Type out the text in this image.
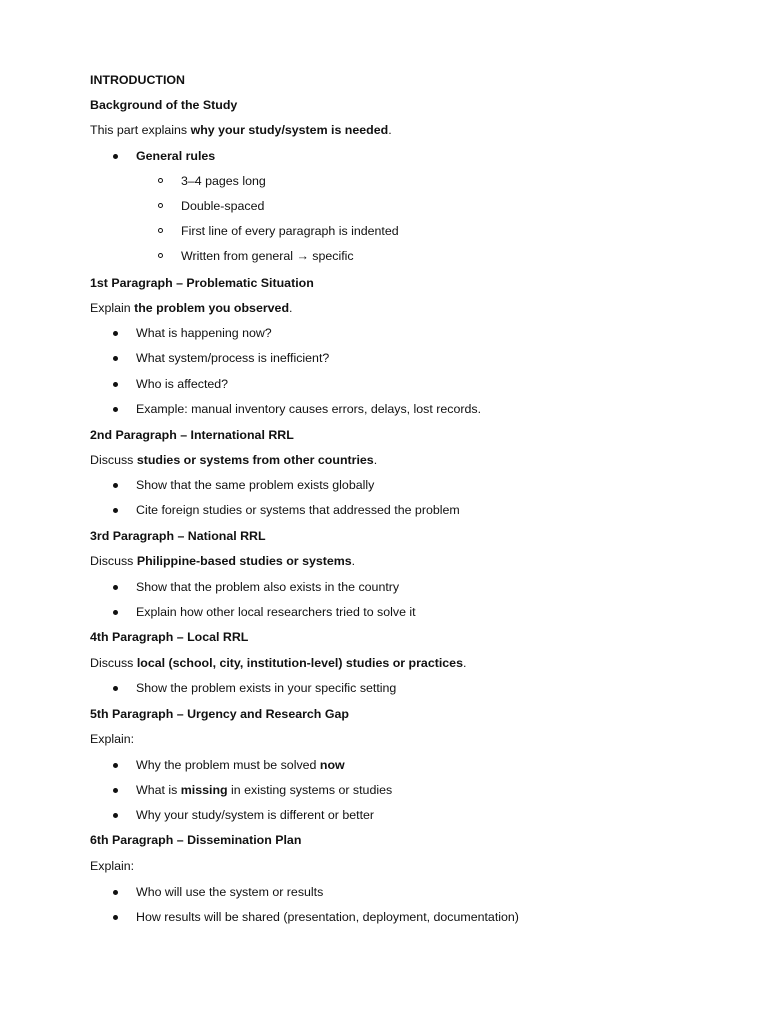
INTRODUCTION
Background of the Study
This part explains why your study/system is needed.
General rules
3–4 pages long
Double-spaced
First line of every paragraph is indented
Written from general → specific
1st Paragraph – Problematic Situation
Explain the problem you observed.
What is happening now?
What system/process is inefficient?
Who is affected?
Example: manual inventory causes errors, delays, lost records.
2nd Paragraph – International RRL
Discuss studies or systems from other countries.
Show that the same problem exists globally
Cite foreign studies or systems that addressed the problem
3rd Paragraph – National RRL
Discuss Philippine-based studies or systems.
Show that the problem also exists in the country
Explain how other local researchers tried to solve it
4th Paragraph – Local RRL
Discuss local (school, city, institution-level) studies or practices.
Show the problem exists in your specific setting
5th Paragraph – Urgency and Research Gap
Explain:
Why the problem must be solved now
What is missing in existing systems or studies
Why your study/system is different or better
6th Paragraph – Dissemination Plan
Explain:
Who will use the system or results
How results will be shared (presentation, deployment, documentation)
